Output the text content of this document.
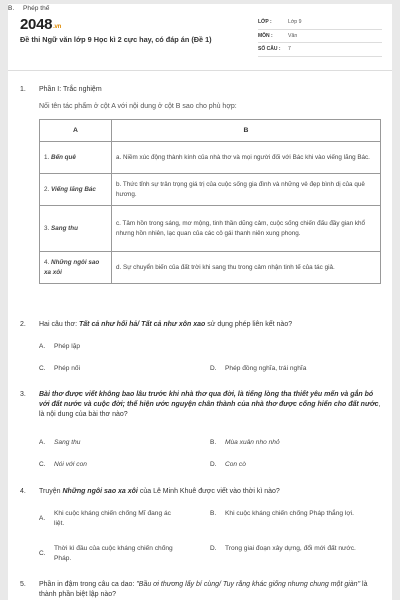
2048.vn
Đề thi Ngữ văn lớp 9 Học kì 2 cực hay, có đáp án (Đề 1)
LỚP :	Lớp 9
MÔN :	Văn
SỐ CÂU :	7
1.	Phần I: Trắc nghiệm
Nối tên tác phẩm ở cột A với nội dung ở cột B sao cho phù hợp:
A	B
1. Bến quê	a. Niềm xúc động thành kính của nhà thơ và mọi người đối với Bác khi vào viếng lăng Bác.
2. Viếng lăng Bác	b. Thức tỉnh sự trân trọng giá trị của cuộc sống gia đình và những vẻ đẹp bình dị của quê hương.
3. Sang thu	c. Tâm hồn trong sáng, mơ mộng, tinh thần dũng cảm, cuộc sống chiến đấu đầy gian khổ nhưng hồn nhiên, lạc quan của các cô gái thanh niên xung phong.
4. Những ngôi sao xa xôi	d. Sự chuyển biến của đất trời khi sang thu trong cảm nhận tinh tế của tác giả.
2.	Hai câu thơ: Tất cả như hối hả/ Tất cả như xôn xao sử dụng phép liên kết nào?
A.	Phép lặp
B.	Phép thế
C.	Phép nối	D.	Phép đồng nghĩa, trái nghĩa
3.	Bài thơ được viết không bao lâu trước khi nhà thơ qua đời, là tiếng lòng tha thiết yêu mến và gắn bó với đất nước và cuộc đời; thể hiện ước nguyện chân thành của nhà thơ được cống hiến cho đất nước, là nội dung của bài thơ nào?
A.	Sang thu	B.	Mùa xuân nho nhỏ
C.	Nói với con	D.	Con cò
4.	Truyện Những ngôi sao xa xôi của Lê Minh Khuê được viết vào thời kì nào?
A.
Khi cuộc kháng chiến chống Mĩ đang ác liệt.
B.	Khi cuộc kháng chiến chống Pháp thắng lợi.
C.
Thời kì đầu của cuộc kháng chiến chống Pháp.
D.	Trong giai đoạn xây dựng, đổi mới đất nước.
5.	Phần in đậm trong câu ca dao: "Bầu ơi thương lấy bí cùng/ Tuy rằng khác giống nhưng chung một giàn" là thành phần biệt lập nào?
